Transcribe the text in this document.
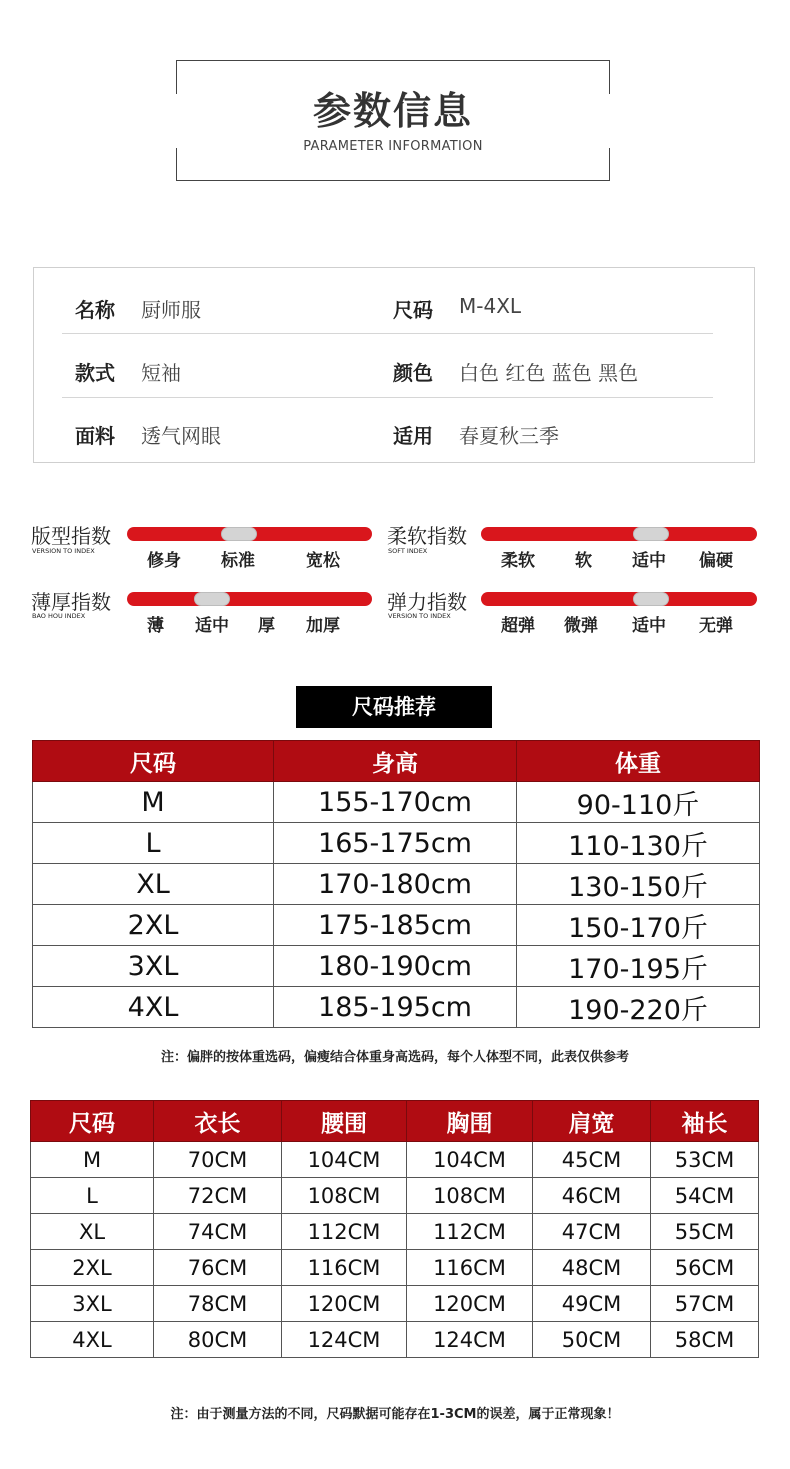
参数信息
PARAMETER INFORMATION
名称 厨师服	尺码 M-4XL
款式 短袖	颜色 白色 红色 蓝色 黑色
面料 透气网眼	适用 春夏秋三季
版型指数
VERSION TO INDEX	修身 标准	宽松
柔软指数
SOFT INDEX	柔软 软 适中 偏硬
薄厚指数
BAO HOU INDEX	薄 适中 厚 加厚
弹力指数
VERSION TO INDEX	超弹 微弹 适中 无弹
尺码推荐
尺码	身高	体重
M	155-170cm	90-110斤
L	165-175cm	110-130斤
XL	170-180cm	130-150斤
2XL	175-185cm	150-170斤
3XL	180-190cm	170-195斤
4XL	185-195cm	190-220斤
注：偏胖的按体重选码，偏瘦结合体重身高选码，每个人体型不同，此表仅供参考
尺码	衣长	腰围	胸围	肩宽	袖长
M	70CM	104CM	104CM	45CM	53CM
L	72CM	108CM	108CM	46CM	54CM
XL	74CM	112CM	112CM	47CM	55CM
2XL	76CM	116CM	116CM	48CM	56CM
3XL	78CM	120CM	120CM	49CM	57CM
4XL	80CM	124CM	124CM	50CM	58CM
注：由于测量方法的不同，尺码默据可能存在1-3CM的误差，属于正常现象！
